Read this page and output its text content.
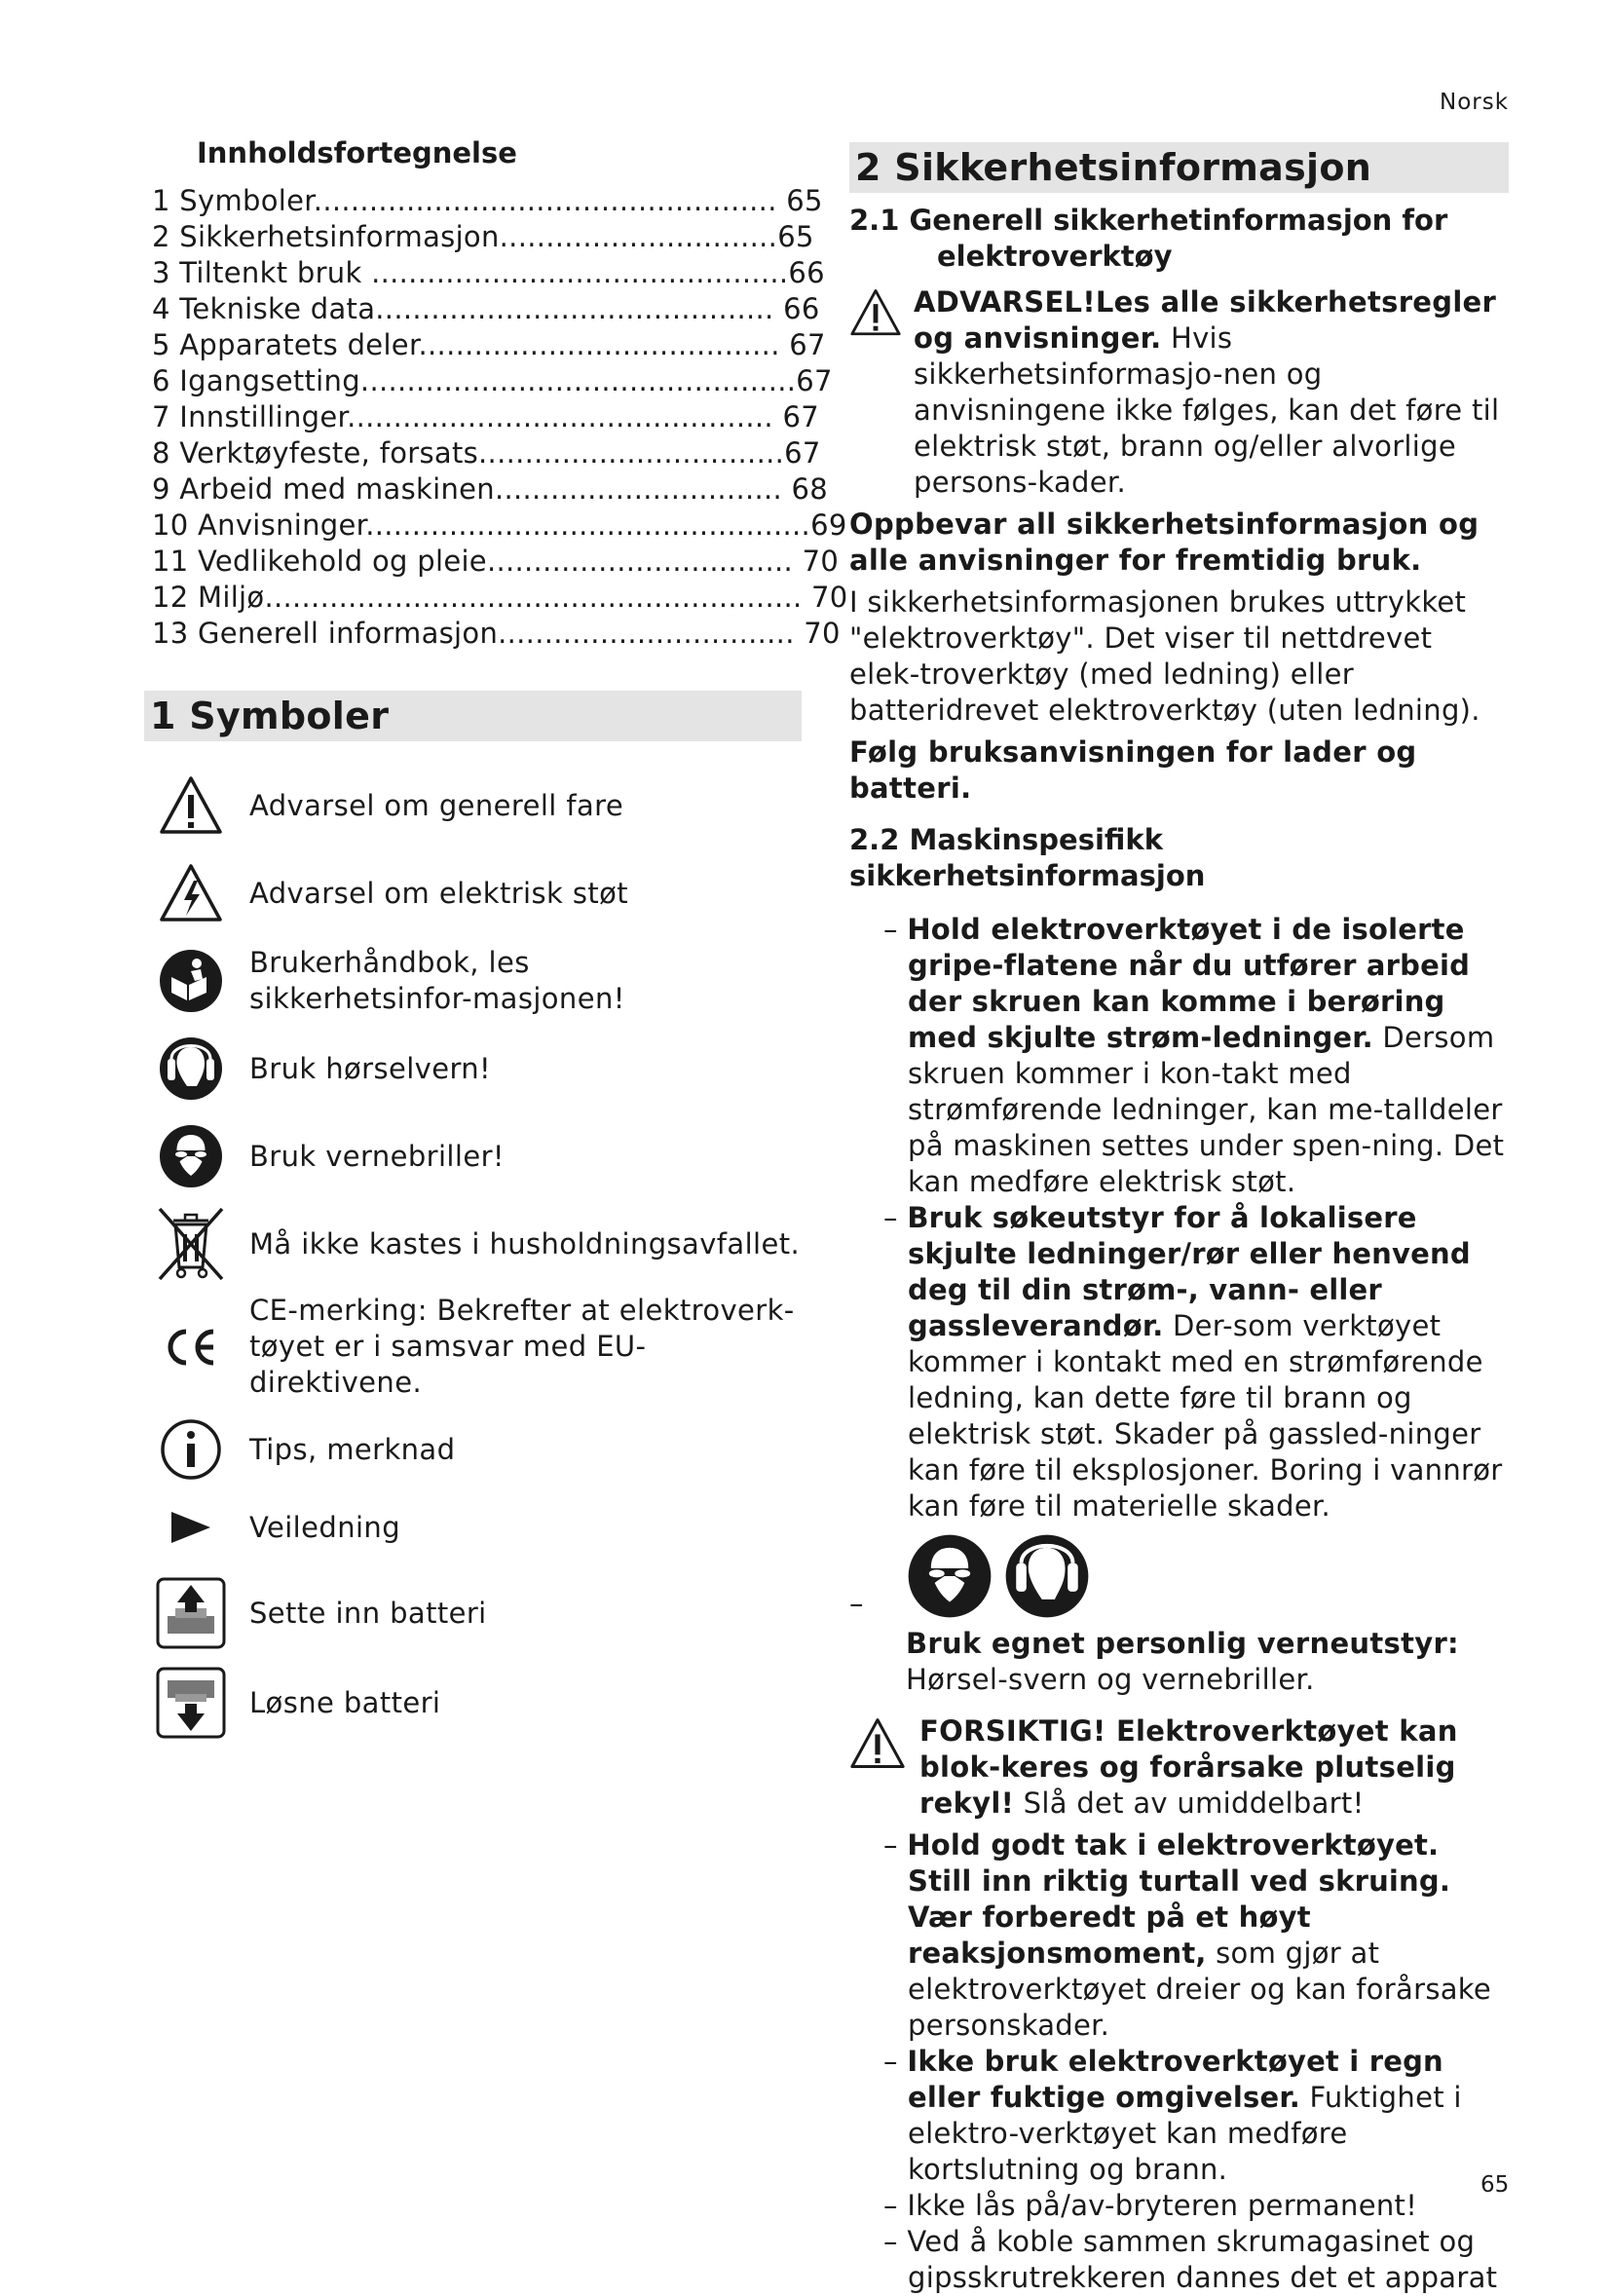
Norsk
Innholdsfortegnelse
1 Symboler.................................................. 65
2 Sikkerhetsinformasjon..............................65
3 Tiltenkt bruk .............................................66
4 Tekniske data........................................... 66
5 Apparatets deler....................................... 67
6 Igangsetting...............................................67
7 Innstillinger.............................................. 67
8 Verktøyfeste, forsats.................................67
9 Arbeid med maskinen............................... 68
10 Anvisninger................................................69
11 Vedlikehold og pleie................................. 70
12 Miljø.......................................................... 70
13 Generell informasjon................................ 70
1 Symboler
Advarsel om generell fare
Advarsel om elektrisk støt
Brukerhåndbok, les sikkerhetsinfor-masjonen!
Bruk hørselvern!
Bruk vernebriller!
Må ikke kastes i husholdningsavfallet.
CE-merking: Bekrefter at elektroverk-tøyet er i samsvar med EU-direktivene.
Tips, merknad
Veiledning
Sette inn batteri
Løsne batteri
2 Sikkerhetsinformasjon
2.1 Generell sikkerhetinformasjon for
elektroverktøy

ADVARSEL!Les alle sikkerhetsregler og anvisninger. Hvis sikkerhetsinformasjo-nen og anvisningene ikke følges, kan det føre til elektrisk støt, brann og/eller alvorlige persons-kader.

Oppbevar all sikkerhetsinformasjon og alle anvisninger for fremtidig bruk.

I sikkerhetsinformasjonen brukes uttrykket "elektroverktøy". Det viser til nettdrevet elek-troverktøy (med ledning) eller batteridrevet elektroverktøy (uten ledning).

Følg bruksanvisningen for lader og batteri.

2.2 Maskinspesifikk sikkerhetsinformasjon
– Hold elektroverktøyet i de isolerte gripe-flatene når du utfører arbeid der skruen kan komme i berøring med skjulte strøm-ledninger. Dersom skruen kommer i kon-takt med strømførende ledninger, kan me-talldeler på maskinen settes under spen-ning. Det kan medføre elektrisk støt.
– Bruk søkeutstyr for å lokalisere skjulte ledninger/rør eller henvend deg til din strøm-, vann- eller gassleverandør. Der-som verktøyet kommer i kontakt med en strømførende ledning, kan dette føre til brann og elektrisk støt. Skader på gassled-ninger kan føre til eksplosjoner. Boring i vannrør kan føre til materielle skader.
–

Bruk egnet personlig verneutstyr: Hørsel-svern og vernebriller.

FORSIKTIG! Elektroverktøyet kan blok-keres og forårsake plutselig rekyl! Slå det av umiddelbart!

– Hold godt tak i elektroverktøyet. Still inn riktig turtall ved skruing. Vær forberedt på et høyt reaksjonsmoment, som gjør at elektroverktøyet dreier og kan forårsake personskader.
– Ikke bruk elektroverktøyet i regn eller fuktige omgivelser. Fuktighet i elektro-verktøyet kan medføre kortslutning og brann.
– Ikke lås på/av-bryteren permanent!
– Ved å koble sammen skrumagasinet og gipsskrutrekkeren dannes det et apparat
65
